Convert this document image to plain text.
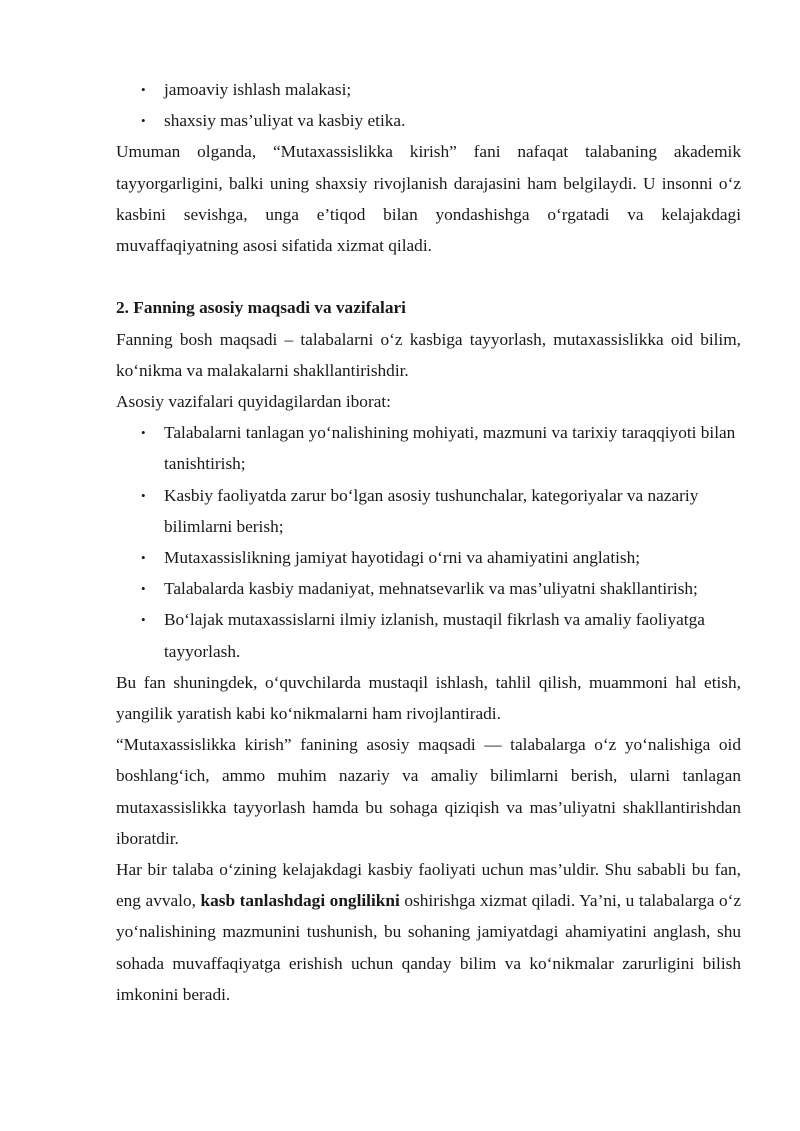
• jamoaviy ishlash malakasi;
• shaxsiy mas’uliyat va kasbiy etika.

Umuman olganda, “Mutaxassislikka kirish” fani nafaqat talabaning akademik tayyorgarligini, balki uning shaxsiy rivojlanish darajasini ham belgilaydi. U insonni o‘z kasbini sevishga, unga e’tiqod bilan yondashishga o‘rgatadi va kelajakdagi muvaffaqiyatning asosi sifatida xizmat qiladi.

2. Fanning asosiy maqsadi va vazifalari

Fanning bosh maqsadi – talabalarni o‘z kasbiga tayyorlash, mutaxassislikka oid bilim, ko‘nikma va malakalarni shakllantirishdir.

Asosiy vazifalari quyidagilardan iborat:

• Talabalarni tanlagan yo‘nalishining mohiyati, mazmuni va tarixiy taraqqiyoti bilan tanishtirish;
• Kasbiy faoliyatda zarur bo‘lgan asosiy tushunchalar, kategoriyalar va nazariy bilimlarni berish;
• Mutaxassislikning jamiyat hayotidagi o‘rni va ahamiyatini anglatish;
• Talabalarda kasbiy madaniyat, mehnatsevarlik va mas’uliyatni shakllantirish;
• Bo‘lajak mutaxassislarni ilmiy izlanish, mustaqil fikrlash va amaliy faoliyatga tayyorlash.

Bu fan shuningdek, o‘quvchilarda mustaqil ishlash, tahlil qilish, muammoni hal etish, yangilik yaratish kabi ko‘nikmalarni ham rivojlantiradi.

“Mutaxassislikka kirish” fanining asosiy maqsadi — talabalarga o‘z yo‘nalishiga oid boshlang‘ich, ammo muhim nazariy va amaliy bilimlarni berish, ularni tanlagan mutaxassislikka tayyorlash hamda bu sohaga qiziqish va mas’uliyatni shakllantirishdan iboratdir.

Har bir talaba o‘zining kelajakdagi kasbiy faoliyati uchun mas’uldir. Shu sababli bu fan, eng avvalo, kasb tanlashdagi onglilikni oshirishga xizmat qiladi. Ya’ni, u talabalarga o‘z yo‘nalishining mazmunini tushunish, bu sohaning jamiyatdagi ahamiyatini anglash, shu sohada muvaffaqiyatga erishish uchun qanday bilim va ko‘nikmalar zarurligini bilish imkonini beradi.
